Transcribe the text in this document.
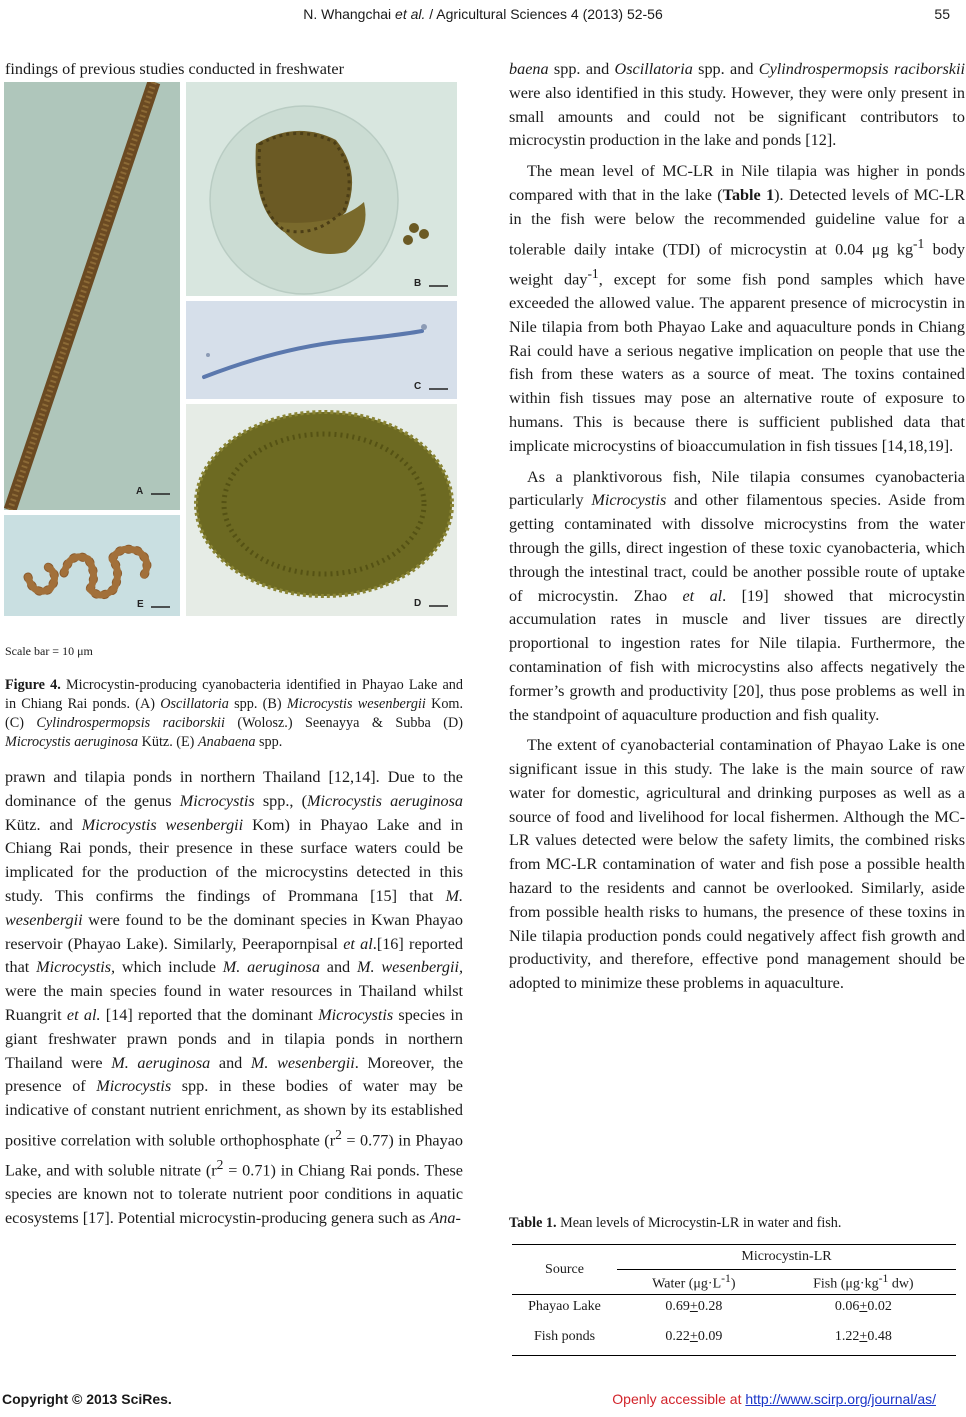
N. Whangchai et al. / Agricultural Sciences 4 (2013) 52-56	55

findings of previous studies conducted in freshwater

A
B
C
D
E
Scale bar = 10 μm
Figure 4. Microcystin-producing cyanobacteria identified in Phayao Lake and in Chiang Rai ponds. (A) Oscillatoria spp. (B) Microcystis wesenbergii Kom. (C) Cylindrospermopsis raciborskii (Wolosz.) Seenayya & Subba (D) Microcystis aeruginosa Kütz. (E) Anabaena spp.

prawn and tilapia ponds in northern Thailand [12,14]. Due to the dominance of the genus Microcystis spp., (Microcystis aeruginosa Kütz. and Microcystis wesenbergii Kom) in Phayao Lake and in Chiang Rai ponds, their presence in these surface waters could be implicated for the production of the microcystins detected in this study. This confirms the findings of Prommana [15] that M. wesenbergii were found to be the dominant species in Kwan Phayao reservoir (Phayao Lake). Similarly, Peerapornpisal et al.[16] reported that Microcystis, which include M. aeruginosa and M. wesenbergii, were the main species found in water resources in Thailand whilst Ruangrit et al. [14] reported that the dominant Microcystis species in giant freshwater prawn ponds and in tilapia ponds in northern Thailand were M. aeruginosa and M. wesenbergii. Moreover, the presence of Microcystis spp. in these bodies of water may be indicative of constant nutrient enrichment, as shown by its established positive correlation with soluble orthophosphate $(r^2 = 0.77)$ in Phayao Lake, and with soluble nitrate $(r^2 = 0.71)$ in Chiang Rai ponds. These species are known not to tolerate nutrient poor conditions in aquatic ecosystems [17]. Potential microcystin-producing genera such as Ana-

baena spp. and Oscillatoria spp. and Cylindrospermopsis raciborskii were also identified in this study. However, they were only present in small amounts and could not be significant contributors to microcystin production in the lake and ponds [12].

The mean level of MC-LR in Nile tilapia was higher in ponds compared with that in the lake (Table 1). Detected levels of MC-LR in the fish were below the recommended guideline value for a tolerable daily intake (TDI) of microcystin at 0.04 μg $kg^{-1}$ body weight day$^{-1}$, except for some fish pond samples which have exceeded the allowed value. The apparent presence of microcystin in Nile tilapia from both Phayao Lake and aquaculture ponds in Chiang Rai could have a serious negative implication on people that use the fish from these waters as a source of meat. The toxins contained within fish tissues may pose an alternative route of exposure to humans. This is because there is sufficient published data that implicate microcystins of bioaccumulation in fish tissues [14,18,19].

As a planktivorous fish, Nile tilapia consumes cyanobacteria particularly Microcystis and other filamentous species. Aside from getting contaminated with dissolve microcystins from the water through the gills, direct ingestion of these toxic cyanobacteria, which through the intestinal tract, could be another possible route of uptake of microcystin. Zhao et al. [19] showed that microcystin accumulation rates in muscle and liver tissues are directly proportional to ingestion rates for Nile tilapia. Furthermore, the contamination of fish with microcystins also affects negatively the former’s growth and productivity [20], thus pose problems as well in the standpoint of aquaculture production and fish quality.

The extent of cyanobacterial contamination of Phayao Lake is one significant issue in this study. The lake is the main source of raw water for domestic, agricultural and drinking purposes as well as a source of food and livelihood for local fishermen. Although the MC-LR values detected were below the safety limits, the combined risks from MC-LR contamination of water and fish pose a possible health hazard to the residents and cannot be overlooked. Similarly, aside from possible health risks to humans, the presence of these toxins in Nile tilapia production ponds could negatively affect fish growth and productivity, and therefore, effective pond management should be adopted to minimize these problems in aquaculture.

Table 1. Mean levels of Microcystin-LR in water and fish.
Source	Microcystin-LR	
	Water $(\mu g\cdot L^{-1})$	Fish ($\mu g\cdot kg^{-1}$ dw)
Phayao Lake	0.69+0.28	0.06+0.02
Fish ponds	0.22+0.09	1.22+0.48
Copyright © 2013 SciRes.	Openly accessible at http://www.scirp.org/journal/as/
